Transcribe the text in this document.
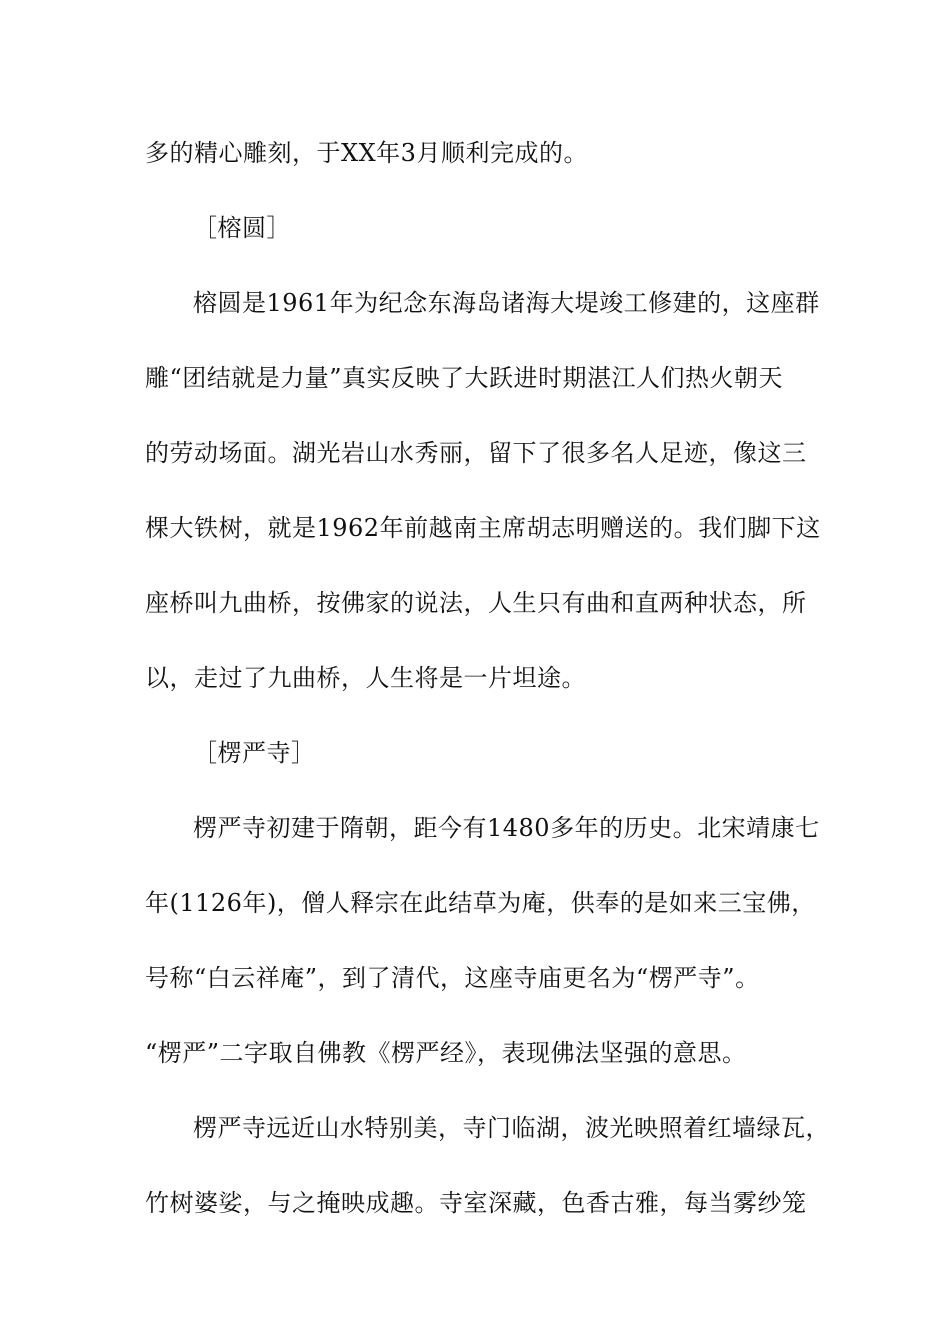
多的精心雕刻，于XX年3月顺利完成的。
［榕圆］
榕圆是1961年为纪念东海岛诸海大堤竣工修建的，这座群
雕“团结就是力量”真实反映了大跃进时期湛江人们热火朝天
的劳动场面。湖光岩山水秀丽，留下了很多名人足迹，像这三
棵大铁树，就是1962年前越南主席胡志明赠送的。我们脚下这
座桥叫九曲桥，按佛家的说法，人生只有曲和直两种状态，所
以，走过了九曲桥，人生将是一片坦途。
［楞严寺］
楞严寺初建于隋朝，距今有1480多年的历史。北宋靖康七
年(1126年)，僧人释宗在此结草为庵，供奉的是如来三宝佛，
号称“白云祥庵”，到了清代，这座寺庙更名为“楞严寺”。
“楞严”二字取自佛教《楞严经》，表现佛法坚强的意思。
楞严寺远近山水特别美，寺门临湖，波光映照着红墙绿瓦，
竹树婆娑，与之掩映成趣。寺室深藏，色香古雅，每当雾纱笼
